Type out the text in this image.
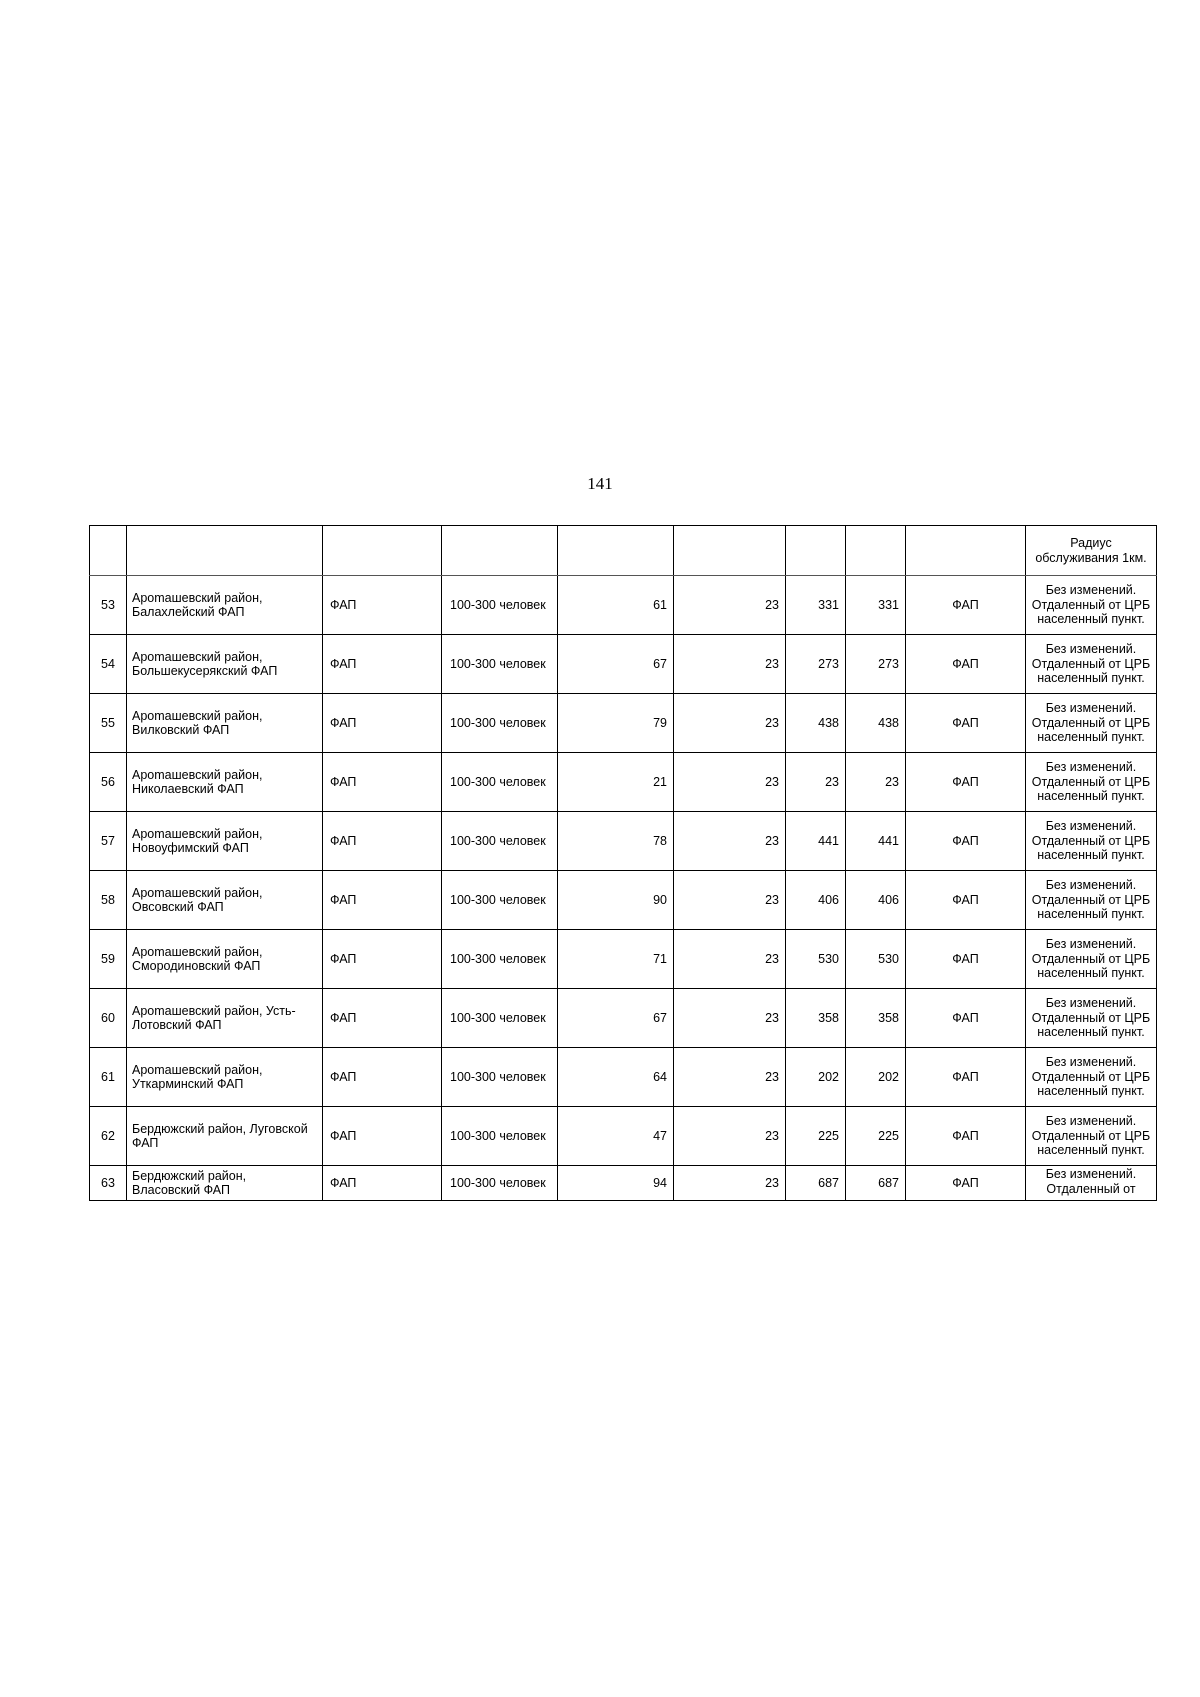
141
									Радиус обслуживания 1км.
53	Ароmашевский район, Балахлейский ФАП	ФАП	100-300 человек	61	23	331	331	ФАП	Без изменений. Отдаленный от ЦРБ населенный пункт.
54	Ароmашевский район, Большекусерякский ФАП	ФАП	100-300 человек	67	23	273	273	ФАП	Без изменений. Отдаленный от ЦРБ населенный пункт.
55	Ароmашевский район, Вилковский ФАП	ФАП	100-300 человек	79	23	438	438	ФАП	Без изменений. Отдаленный от ЦРБ населенный пункт.
56	Ароmашевский район, Николаевский ФАП	ФАП	100-300 человек	21	23	23	23	ФАП	Без изменений. Отдаленный от ЦРБ населенный пункт.
57	Ароmашевский район, Новоуфимский ФАП	ФАП	100-300 человек	78	23	441	441	ФАП	Без изменений. Отдаленный от ЦРБ населенный пункт.
58	Ароmашевский район, Овсовский ФАП	ФАП	100-300 человек	90	23	406	406	ФАП	Без изменений. Отдаленный от ЦРБ населенный пункт.
59	Ароmашевский район, Смородиновский ФАП	ФАП	100-300 человек	71	23	530	530	ФАП	Без изменений. Отдаленный от ЦРБ населенный пункт.
60	Ароmашевский район, Усть-Лотовский ФАП	ФАП	100-300 человек	67	23	358	358	ФАП	Без изменений. Отдаленный от ЦРБ населенный пункт.
61	Ароmашевский район, Уткарминский ФАП	ФАП	100-300 человек	64	23	202	202	ФАП	Без изменений. Отдаленный от ЦРБ населенный пункт.
62	Бердюжский район, Луговской ФАП	ФАП	100-300 человек	47	23	225	225	ФАП	Без изменений. Отдаленный от ЦРБ населенный пункт.
63	Бердюжский район, Власовский ФАП	ФАП	100-300 человек	94	23	687	687	ФАП	Без изменений. Отдаленный от
